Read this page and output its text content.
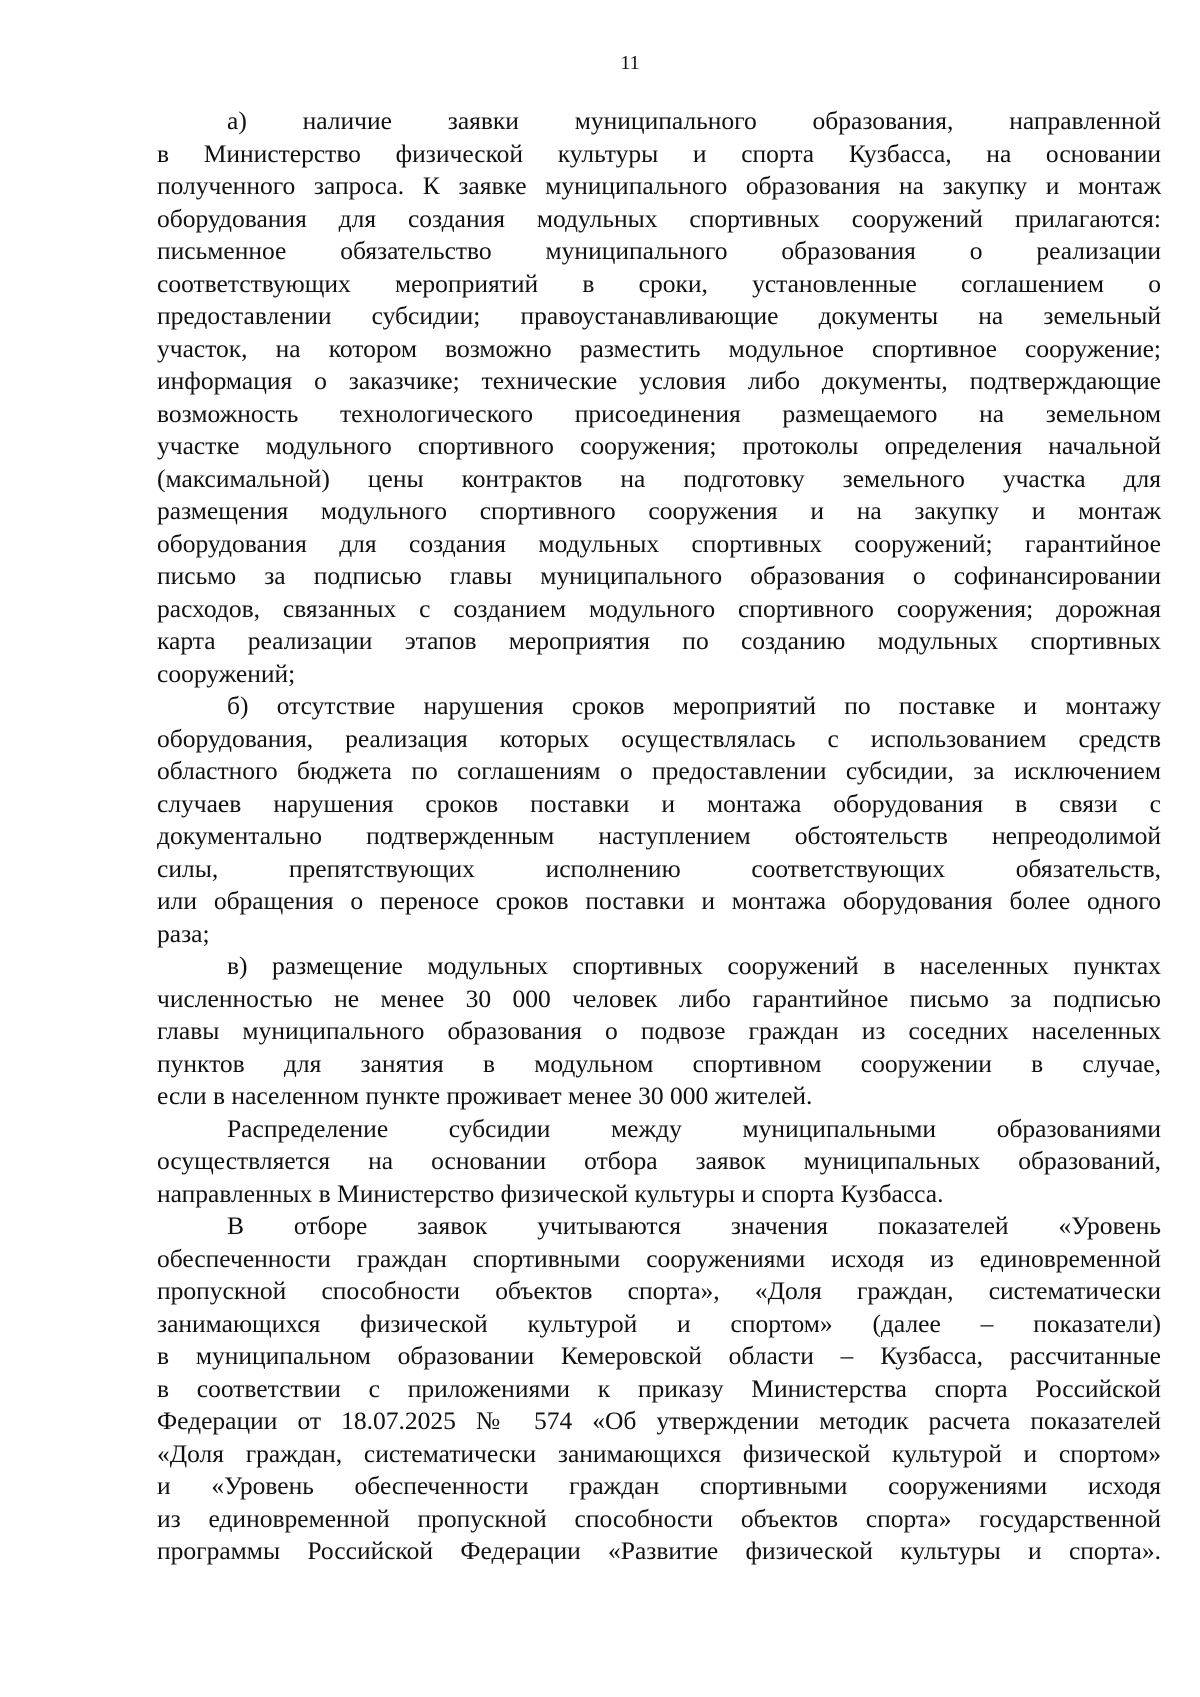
11

а) наличие заявки муниципального образования, направленной

в Министерство физической культуры и спорта Кузбасса, на основании

полученного запроса. К заявке муниципального образования на закупку и монтаж

оборудования для создания модульных спортивных сооружений прилагаются:

письменное обязательство муниципального образования о реализации

соответствующих мероприятий в сроки, установленные соглашением о

предоставлении субсидии; правоустанавливающие документы на земельный

участок, на котором возможно разместить модульное спортивное сооружение;

информация о заказчике; технические условия либо документы, подтверждающие

возможность технологического присоединения размещаемого на земельном

участке модульного спортивного сооружения; протоколы определения начальной

(максимальной) цены контрактов на подготовку земельного участка для

размещения модульного спортивного сооружения и на закупку и монтаж

оборудования для создания модульных спортивных сооружений; гарантийное

письмо за подписью главы муниципального образования о софинансировании

расходов, связанных с созданием модульного спортивного сооружения; дорожная

карта реализации этапов мероприятия по созданию модульных спортивных

сооружений;

б) отсутствие нарушения сроков мероприятий по поставке и монтажу

оборудования, реализация которых осуществлялась с использованием средств

областного бюджета по соглашениям о предоставлении субсидии, за исключением

случаев нарушения сроков поставки и монтажа оборудования в связи с

документально подтвержденным наступлением обстоятельств непреодолимой

силы, препятствующих исполнению соответствующих обязательств,

или обращения о переносе сроков поставки и монтажа оборудования более одного

раза;

в) размещение модульных спортивных сооружений в населенных пунктах

численностью не менее 30 000 человек либо гарантийное письмо за подписью

главы муниципального образования о подвозе граждан из соседних населенных

пунктов для занятия в модульном спортивном сооружении в случае,

если в населенном пункте проживает менее 30 000 жителей.

Распределение субсидии между муниципальными образованиями

осуществляется на основании отбора заявок муниципальных образований,

направленных в Министерство физической культуры и спорта Кузбасса.

В отборе заявок учитываются значения показателей «Уровень

обеспеченности граждан спортивными сооружениями исходя из единовременной

пропускной способности объектов спорта», «Доля граждан, систематически

занимающихся физической культурой и спортом» (далее – показатели)

в муниципальном образовании Кемеровской области – Кузбасса, рассчитанные

в соответствии с приложениями к приказу Министерства спорта Российской

Федерации от 18.07.2025 № 574 «Об утверждении методик расчета показателей

«Доля граждан, систематически занимающихся физической культурой и спортом»

и «Уровень обеспеченности граждан спортивными сооружениями исходя

из единовременной пропускной способности объектов спорта» государственной

программы Российской Федерации «Развитие физической культуры и спорта».
